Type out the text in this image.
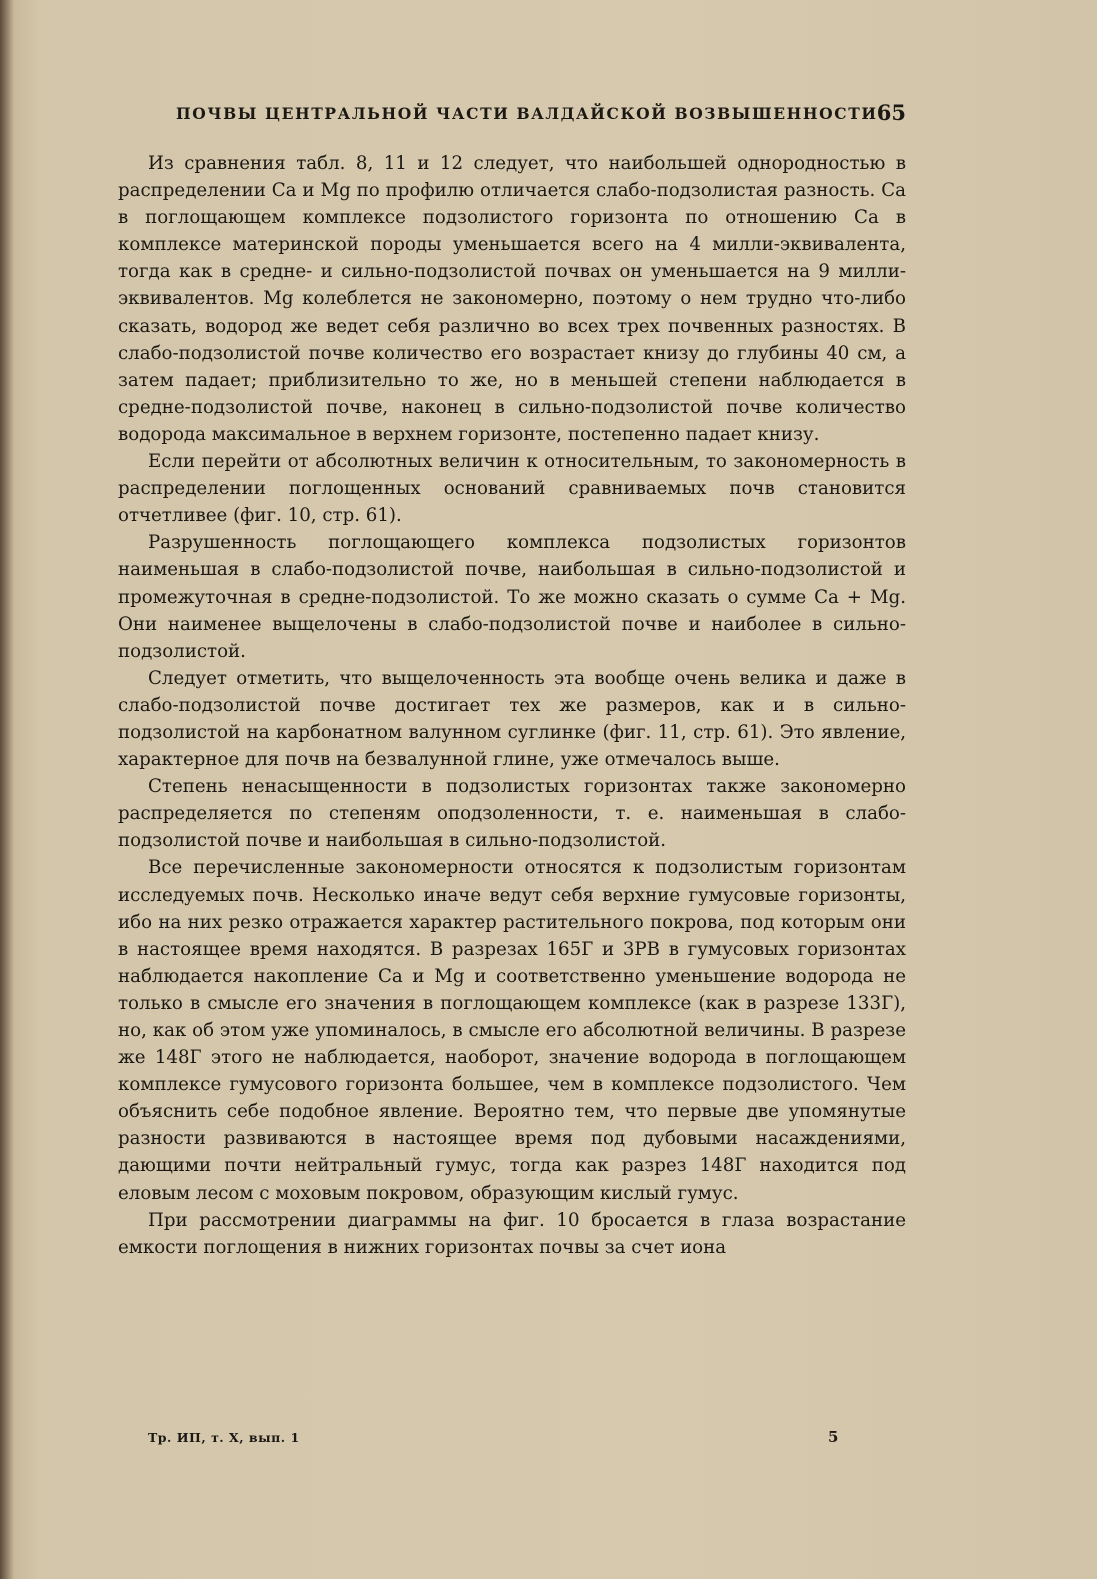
ПОЧВЫ ЦЕНТРАЛЬНОЙ ЧАСТИ ВАЛДАЙСКОЙ ВОЗВЫШЕННОСТИ 65

Из сравнения табл. 8, 11 и 12 следует, что наибольшей однородностью в распределении Са и Mg по профилю отличается слабо-подзолистая разность. Са в поглощающем комплексе подзолистого горизонта по отношению Са в комплексе материнской породы уменьшается всего на 4 милли-эквивалента, тогда как в средне- и сильно-подзолистой почвах он уменьшается на 9 милли-эквивалентов. Mg колеблется не закономерно, поэтому о нем трудно что-либо сказать, водород же ведет себя различно во всех трех почвенных разностях. В слабо-подзолистой почве количество его возрастает книзу до глубины 40 см, а затем падает; приблизительно то же, но в меньшей степени наблюдается в средне-подзолистой почве, наконец в сильно-подзолистой почве количество водорода максимальное в верхнем горизонте, постепенно падает книзу.

Если перейти от абсолютных величин к относительным, то закономерность в распределении поглощенных оснований сравниваемых почв становится отчетливее (фиг. 10, стр. 61).

Разрушенность поглощающего комплекса подзолистых горизонтов наименьшая в слабо-подзолистой почве, наибольшая в сильно-подзолистой и промежуточная в средне-подзолистой. То же можно сказать о сумме Са + Mg. Они наименее выщелочены в слабо-подзолистой почве и наиболее в сильно-подзолистой.

Следует отметить, что выщелоченность эта вообще очень велика и даже в слабо-подзолистой почве достигает тех же размеров, как и в сильно-подзолистой на карбонатном валунном суглинке (фиг. 11, стр. 61). Это явление, характерное для почв на безвалунной глине, уже отмечалось выше.

Степень ненасыщенности в подзолистых горизонтах также закономерно распределяется по степеням оподзоленности, т. е. наименьшая в слабо-подзолистой почве и наибольшая в сильно-подзолистой.

Все перечисленные закономерности относятся к подзолистым горизонтам исследуемых почв. Несколько иначе ведут себя верхние гумусовые горизонты, ибо на них резко отражается характер растительного покрова, под которым они в настоящее время находятся. В разрезах 165Г и 3РВ в гумусовых горизонтах наблюдается накопление Са и Mg и соответственно уменьшение водорода не только в смысле его значения в поглощающем комплексе (как в разрезе 133Г), но, как об этом уже упоминалось, в смысле его абсолютной величины. В разрезе же 148Г этого не наблюдается, наоборот, значение водорода в поглощающем комплексе гумусового горизонта большее, чем в комплексе подзолистого. Чем объяснить себе подобное явление. Вероятно тем, что первые две упомянутые разности развиваются в настоящее время под дубовыми насаждениями, дающими почти нейтральный гумус, тогда как разрез 148Г находится под еловым лесом с моховым покровом, образующим кислый гумус.

При рассмотрении диаграммы на фиг. 10 бросается в глаза возрастание емкости поглощения в нижних горизонтах почвы за счет иона

Тр. ИП, т. X, вып. 1	5
